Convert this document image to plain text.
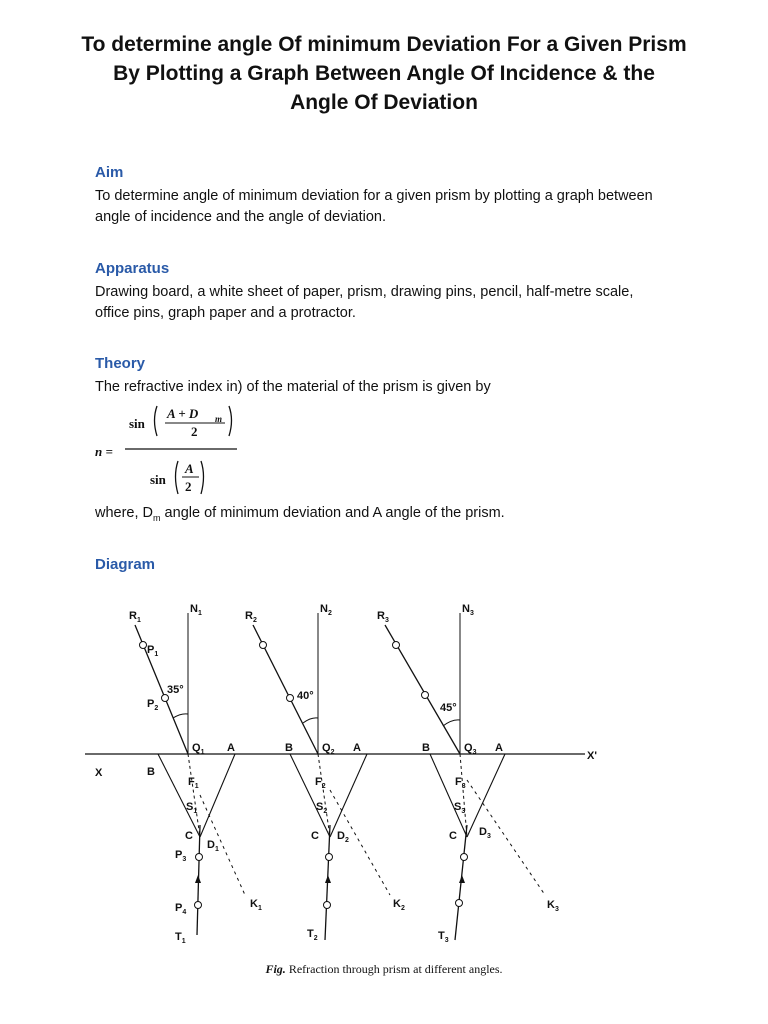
To determine angle Of minimum Deviation For a Given Prism
By Plotting a Graph Between Angle Of Incidence & the
Angle Of Deviation
Aim
To determine angle of minimum deviation for a given prism by plotting a graph between
angle of incidence and the angle of deviation.
Apparatus
Drawing board, a white sheet of paper, prism, drawing pins, pencil, half-metre scale,
office pins, graph paper and a protractor.
Theory
The refractive index in) of the material of the prism is given by
n =
sin
A + D m
2
sin
A
2
where, $D_m$ angle of minimum deviation and A angle of the prism.
Diagram
X
X'
$N_1$
$R_1$
$P_1$
$P_2$
35°
$Q_1$ A
B
$F_1$
$S_1$
C
$D_1$
$P_3$
$P_4$
$K_1$
$T_1$
$N_2$
$R_2$
40°
$Q_2$ A
B
$F_2$
$S_2$
C $D_2$
$K_2$
$T_2$
$N_3$
$R_3$
45°
$Q_3$ A
B
$F_3$
$S_3$
C $D_3$
$K_3$
$T_3$
Fig. Refraction through prism at different angles.
